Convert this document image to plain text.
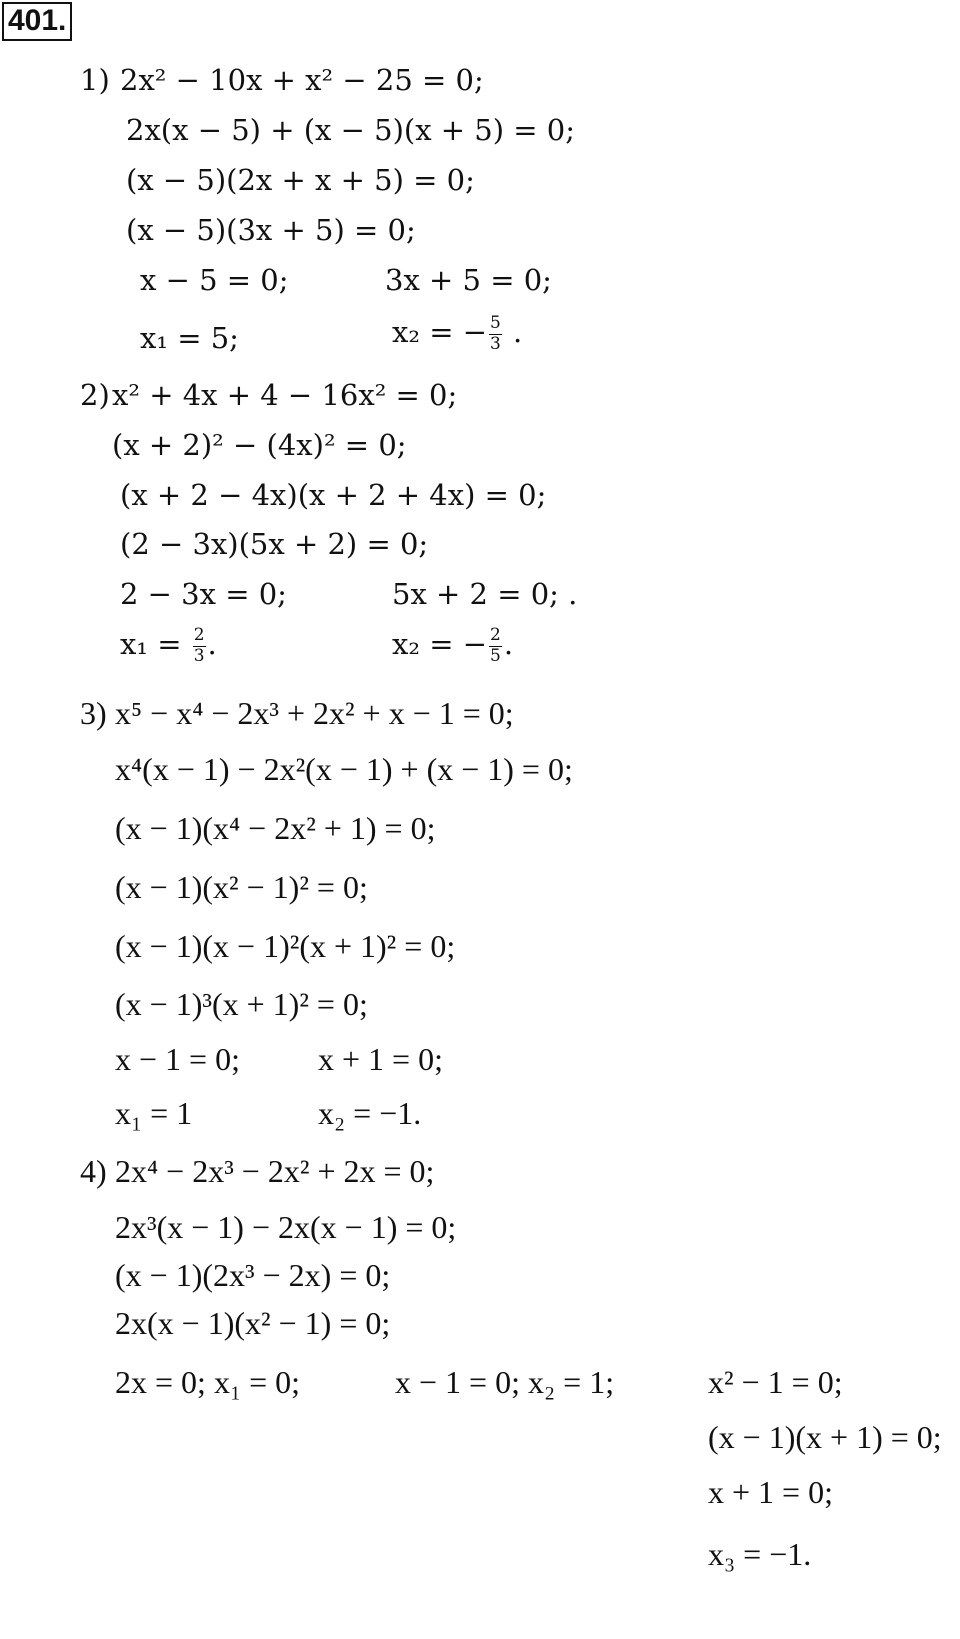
401.
1) 2x² − 10x + x² − 25 = 0;
2x(x − 5) + (x − 5)(x + 5) = 0;
(x − 5)(2x + x + 5) = 0;
(x − 5)(3x + 5) = 0;
x − 5 = 0;	3x + 5 = 0;
x₁ = 5;	x₂ = − $\frac{5}{3}$ .
2) x² + 4x + 4 − 16x² = 0;
(x + 2)² − (4x)² = 0;
(x + 2 − 4x)(x + 2 + 4x) = 0;
(2 − 3x)(5x + 2) = 0;
2 − 3x = 0;	5x + 2 = 0; .
$x_1 = \frac{2}{3}$ .	x₂ = − $\frac{2}{5}$ .
3) x⁵ − x⁴ − 2x³ + 2x² + x − 1 = 0;
x⁴(x − 1) − 2x²(x − 1) + (x − 1) = 0;
(x − 1)(x⁴ − 2x² + 1) = 0;
(x − 1)(x² − 1)² = 0;
(x − 1)(x − 1)²(x + 1)² = 0;
(x − 1)³(x + 1)² = 0;
x − 1 = 0; x + 1 = 0;
x₁ = 1	x₂ = −1.
4) 2x⁴ − 2x³ − 2x² + 2x = 0;
2x³(x − 1) − 2x(x − 1) = 0;
(x − 1)(2x³ − 2x) = 0;
2x(x − 1)(x² − 1) = 0;
2x = 0; x₁ = 0;	x − 1 = 0; x₂ = 1;	x² − 1 = 0;
(x − 1)(x + 1) = 0;
x + 1 = 0;
x₃ = −1.
